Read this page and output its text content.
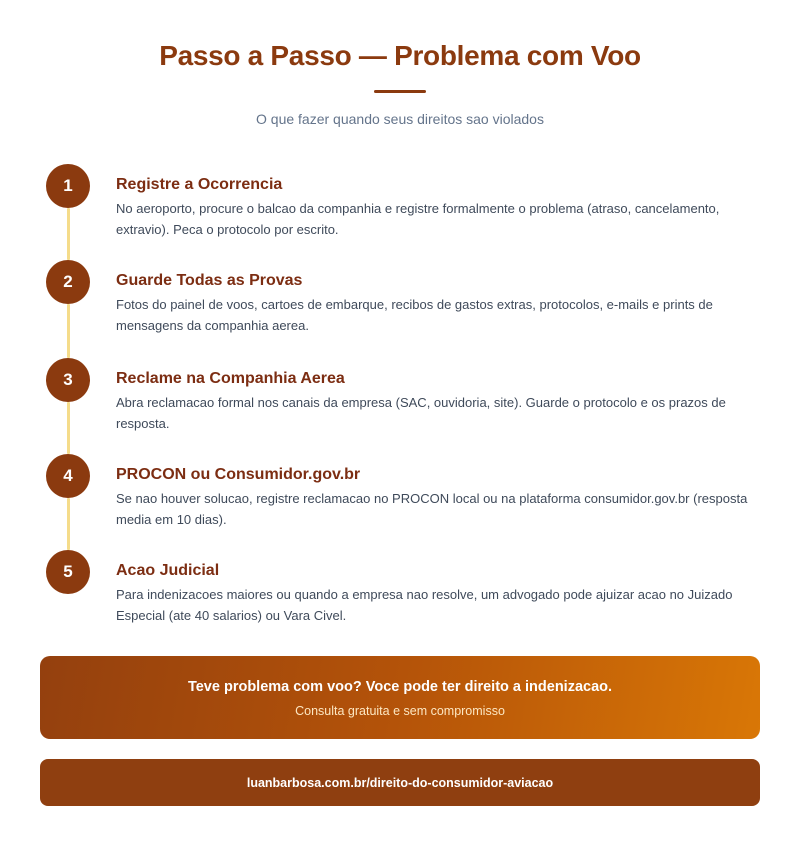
Passo a Passo — Problema com Voo

O que fazer quando seus direitos sao violados

1	Registre a Ocorrencia
No aeroporto, procure o balcao da companhia e registre formalmente o problema (atraso, cancelamento, extravio). Peca o protocolo por escrito.
2	Guarde Todas as Provas
Fotos do painel de voos, cartoes de embarque, recibos de gastos extras, protocolos, e-mails e prints de mensagens da companhia aerea.
3	Reclame na Companhia Aerea
Abra reclamacao formal nos canais da empresa (SAC, ouvidoria, site). Guarde o protocolo e os prazos de resposta.
4	PROCON ou Consumidor.gov.br
Se nao houver solucao, registre reclamacao no PROCON local ou na plataforma consumidor.gov.br (resposta media em 10 dias).
5	Acao Judicial
Para indenizacoes maiores ou quando a empresa nao resolve, um advogado pode ajuizar acao no Juizado Especial (ate 40 salarios) ou Vara Civel.
Teve problema com voo? Voce pode ter direito a indenizacao.
Consulta gratuita e sem compromisso
luanbarbosa.com.br/direito-do-consumidor-aviacao
